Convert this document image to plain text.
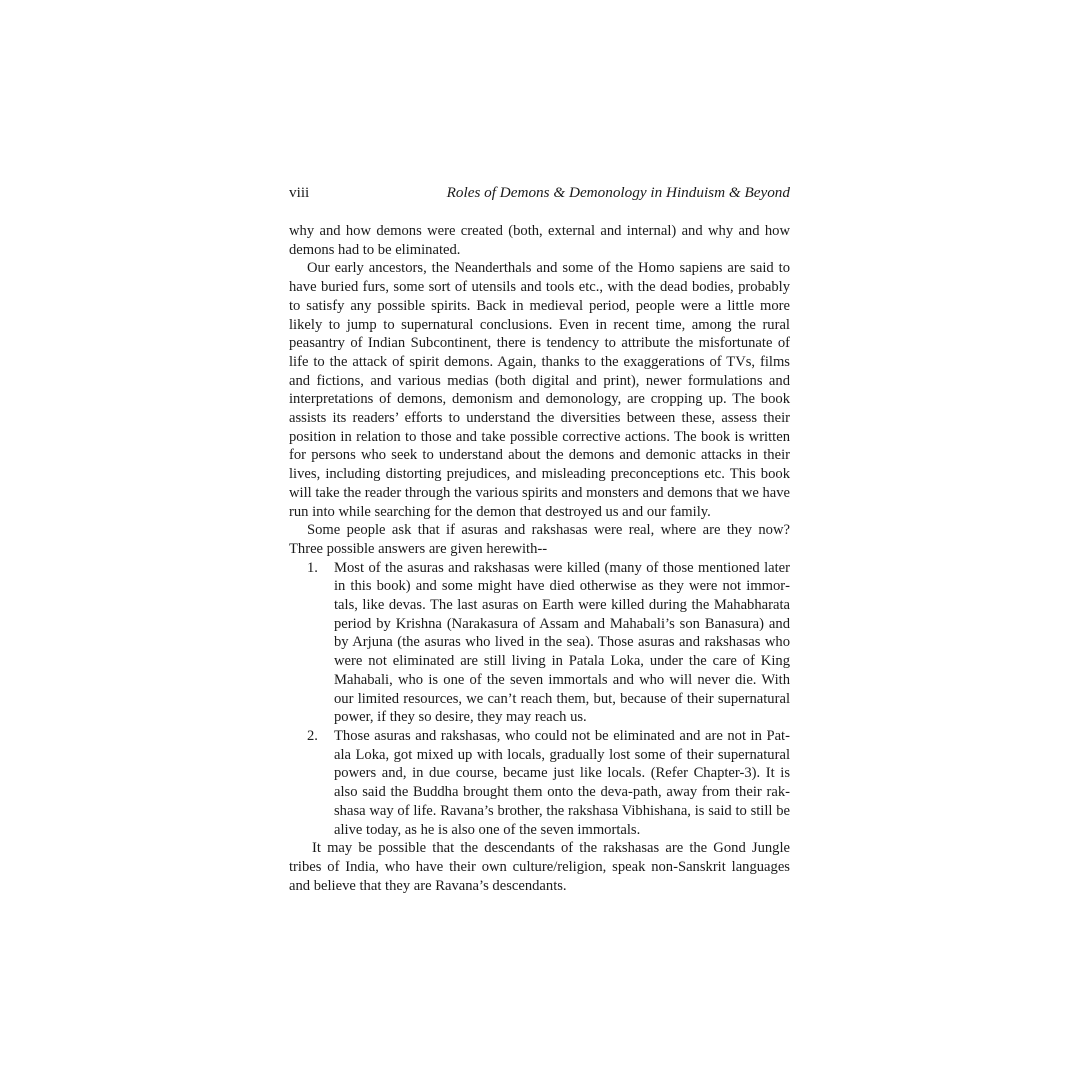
viii	Roles of Demons & Demonology in Hinduism & Beyond

why and how demons were created (both, external and internal) and why and how demons had to be eliminated.

Our early ancestors, the Neanderthals and some of the Homo sapiens are said to have buried furs, some sort of utensils and tools etc., with the dead bodies, probably to satisfy any possible spirits. Back in medieval period, people were a little more likely to jump to supernatural conclusions. Even in recent time, among the rural peasantry of Indian Subcontinent, there is tendency to attribute the misfortunate of life to the attack of spirit demons. Again, thanks to the exaggerations of TVs, films and fictions, and various medias (both digital and print), newer formulations and interpretations of demons, demonism and demonology, are cropping up. The book assists its readers’ efforts to understand the diversities between these, assess their position in relation to those and take possible corrective actions. The book is written for persons who seek to understand about the demons and demonic attacks in their lives, including distorting prejudices, and misleading preconceptions etc. This book will take the reader through the various spirits and monsters and demons that we have run into while searching for the demon that destroyed us and our family.

Some people ask that if asuras and rakshasas were real, where are they now? Three possible answers are given herewith--

1.	Most of the asuras and rakshasas were killed (many of those mentioned later in this book) and some might have died otherwise as they were not immortals, like devas. The last asuras on Earth were killed during the Mahabharata period by Krishna (Narakasura of Assam and Mahabali’s son Banasura) and by Arjuna (the asuras who lived in the sea). Those asuras and rakshasas who were not eliminated are still living in Patala Loka, under the care of King Mahabali, who is one of the seven immortals and who will never die. With our limited resources, we can’t reach them, but, because of their supernatural power, if they so desire, they may reach us.
2.	Those asuras and rakshasas, who could not be eliminated and are not in Patala Loka, got mixed up with locals, gradually lost some of their supernatural powers and, in due course, became just like locals. (Refer Chapter-3). It is also said the Buddha brought them onto the deva-path, away from their rakshasa way of life. Ravana’s brother, the rakshasa Vibhishana, is said to still be alive today, as he is also one of the seven immortals.

It may be possible that the descendants of the rakshasas are the Gond Jungle tribes of India, who have their own culture/religion, speak non-Sanskrit languages and believe that they are Ravana’s descendants.
